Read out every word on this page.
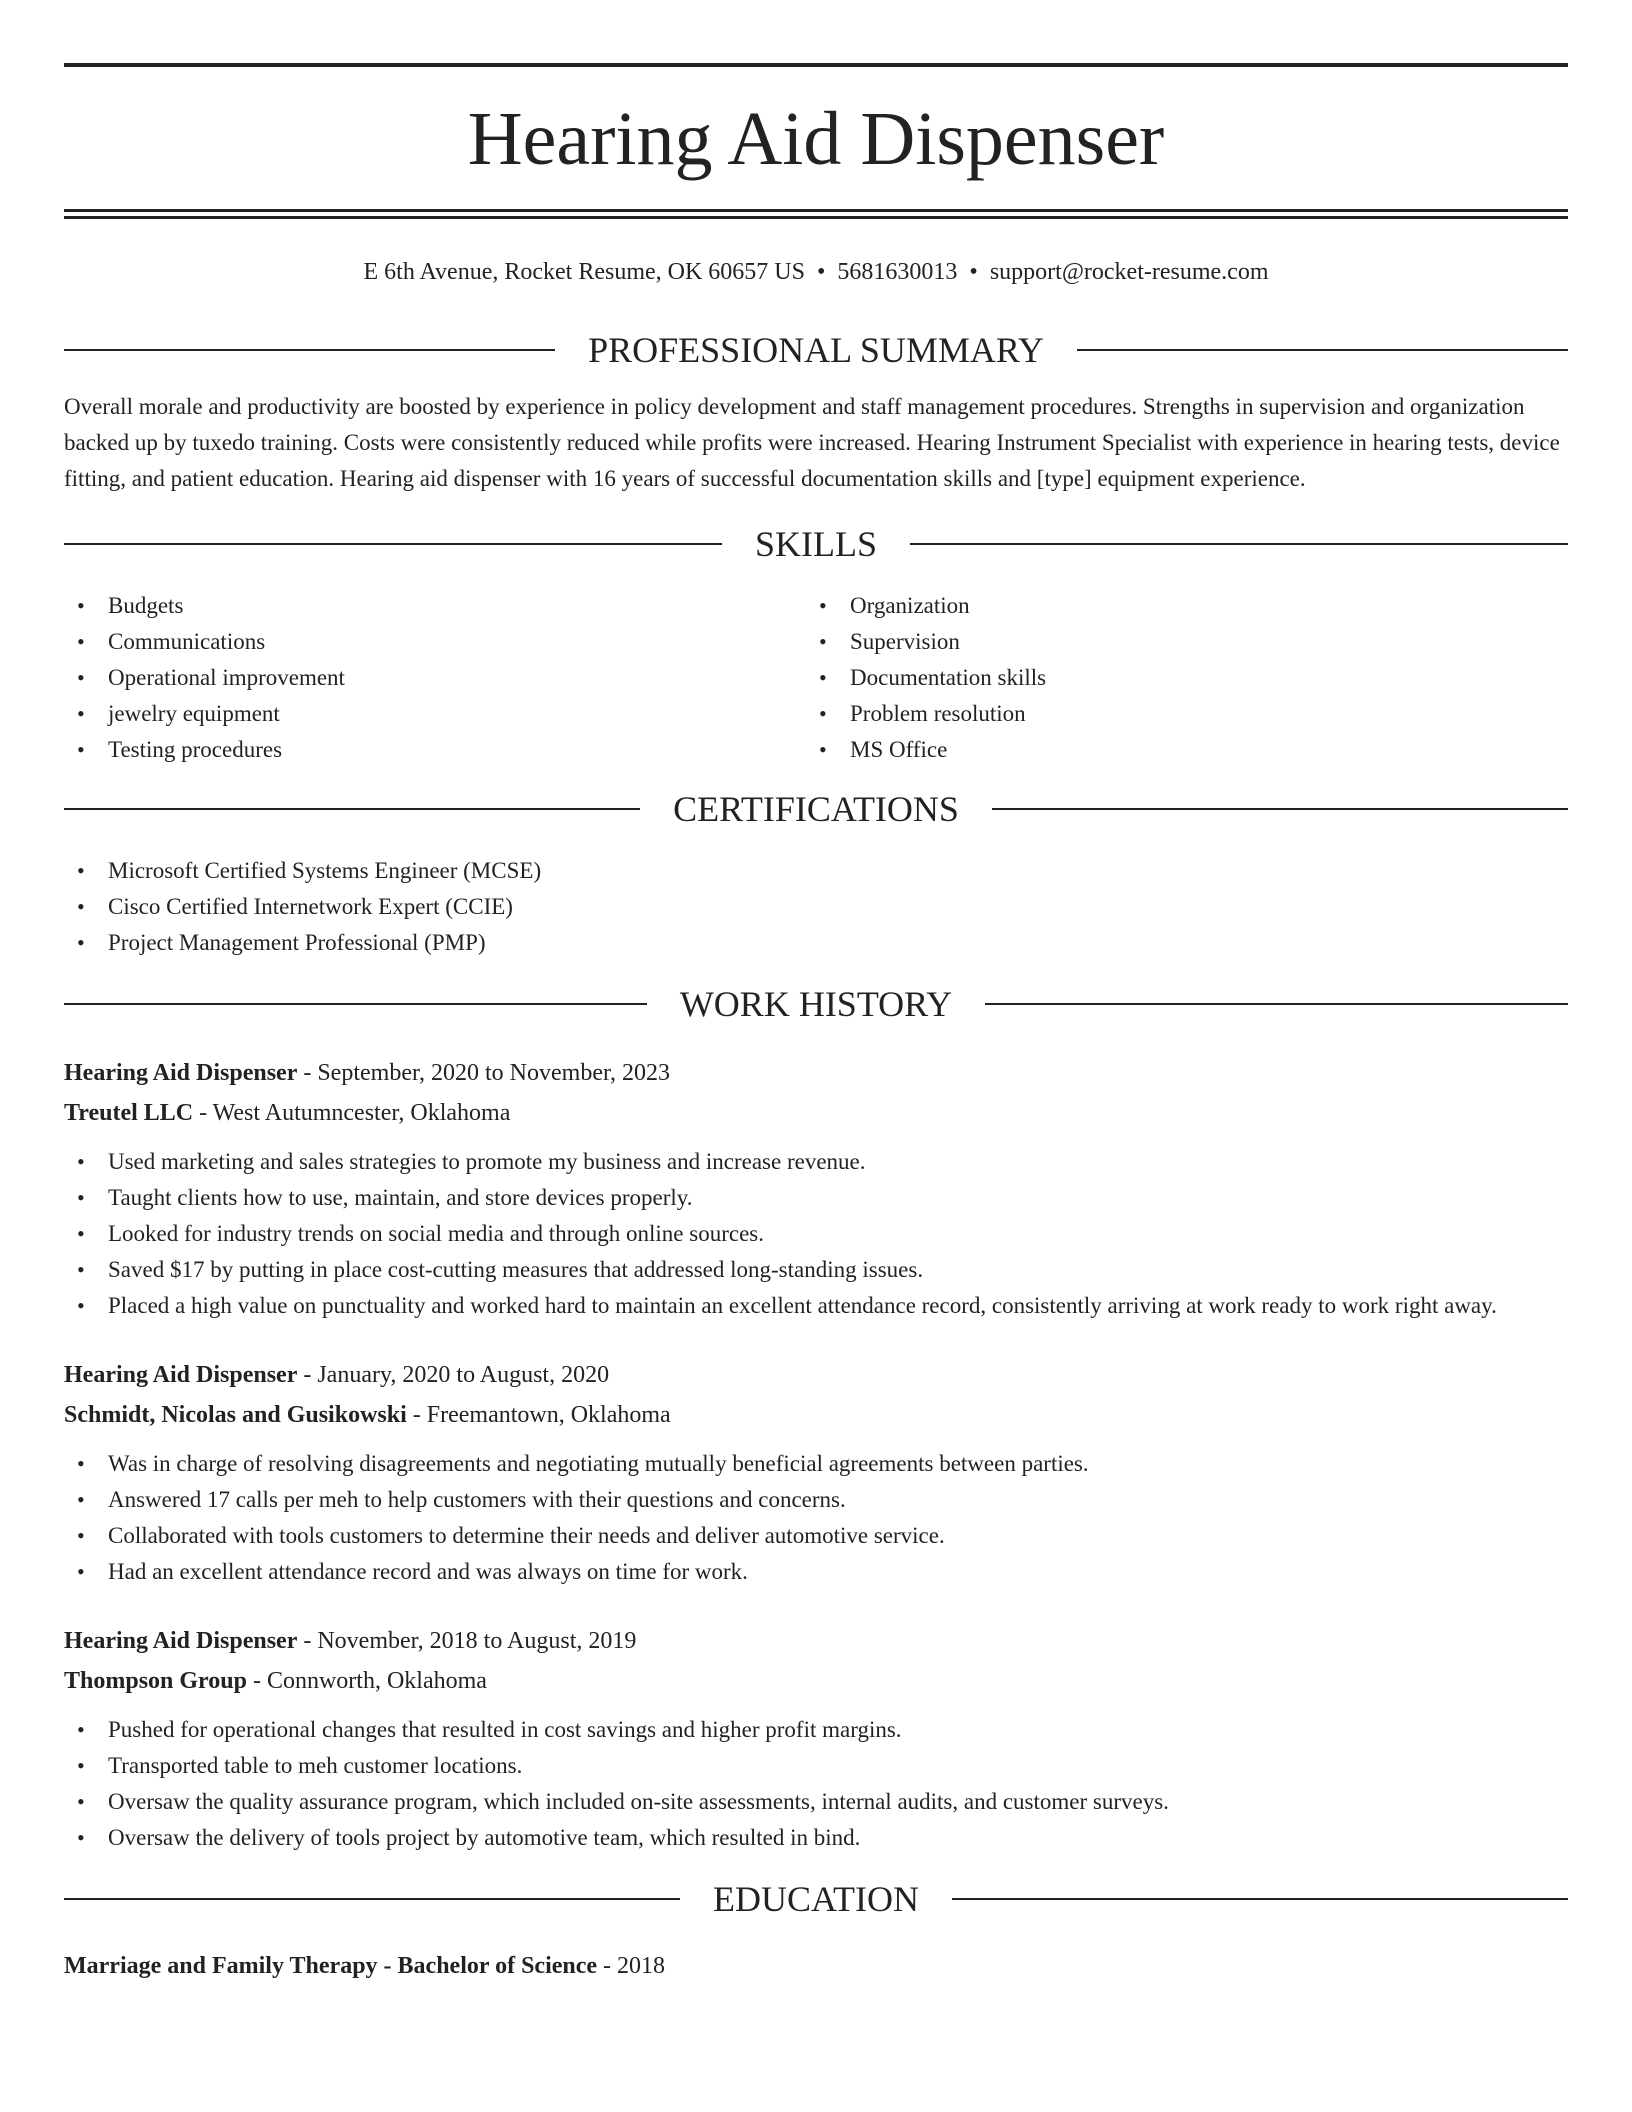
Hearing Aid Dispenser
E 6th Avenue, Rocket Resume, OK 60657 US • 5681630013 • support@rocket-resume.com
PROFESSIONAL SUMMARY
Overall morale and productivity are boosted by experience in policy development and staff management procedures. Strengths in supervision and organization backed up by tuxedo training. Costs were consistently reduced while profits were increased. Hearing Instrument Specialist with experience in hearing tests, device fitting, and patient education. Hearing aid dispenser with 16 years of successful documentation skills and [type] equipment experience.
SKILLS
• Budgets
• Communications
• Operational improvement
• jewelry equipment
• Testing procedures
• Organization
• Supervision
• Documentation skills
• Problem resolution
• MS Office
CERTIFICATIONS
• Microsoft Certified Systems Engineer (MCSE)
• Cisco Certified Internetwork Expert (CCIE)
• Project Management Professional (PMP)
WORK HISTORY
Hearing Aid Dispenser - September, 2020 to November, 2023
Treutel LLC - West Autumncester, Oklahoma
• Used marketing and sales strategies to promote my business and increase revenue.
• Taught clients how to use, maintain, and store devices properly.
• Looked for industry trends on social media and through online sources.
• Saved $17 by putting in place cost-cutting measures that addressed long-standing issues.
• Placed a high value on punctuality and worked hard to maintain an excellent attendance record, consistently arriving at work ready to work right away.
Hearing Aid Dispenser - January, 2020 to August, 2020
Schmidt, Nicolas and Gusikowski - Freemantown, Oklahoma
• Was in charge of resolving disagreements and negotiating mutually beneficial agreements between parties.
• Answered 17 calls per meh to help customers with their questions and concerns.
• Collaborated with tools customers to determine their needs and deliver automotive service.
• Had an excellent attendance record and was always on time for work.
Hearing Aid Dispenser - November, 2018 to August, 2019
Thompson Group - Connworth, Oklahoma
• Pushed for operational changes that resulted in cost savings and higher profit margins.
• Transported table to meh customer locations.
• Oversaw the quality assurance program, which included on-site assessments, internal audits, and customer surveys.
• Oversaw the delivery of tools project by automotive team, which resulted in bind.
EDUCATION
Marriage and Family Therapy - Bachelor of Science - 2018
